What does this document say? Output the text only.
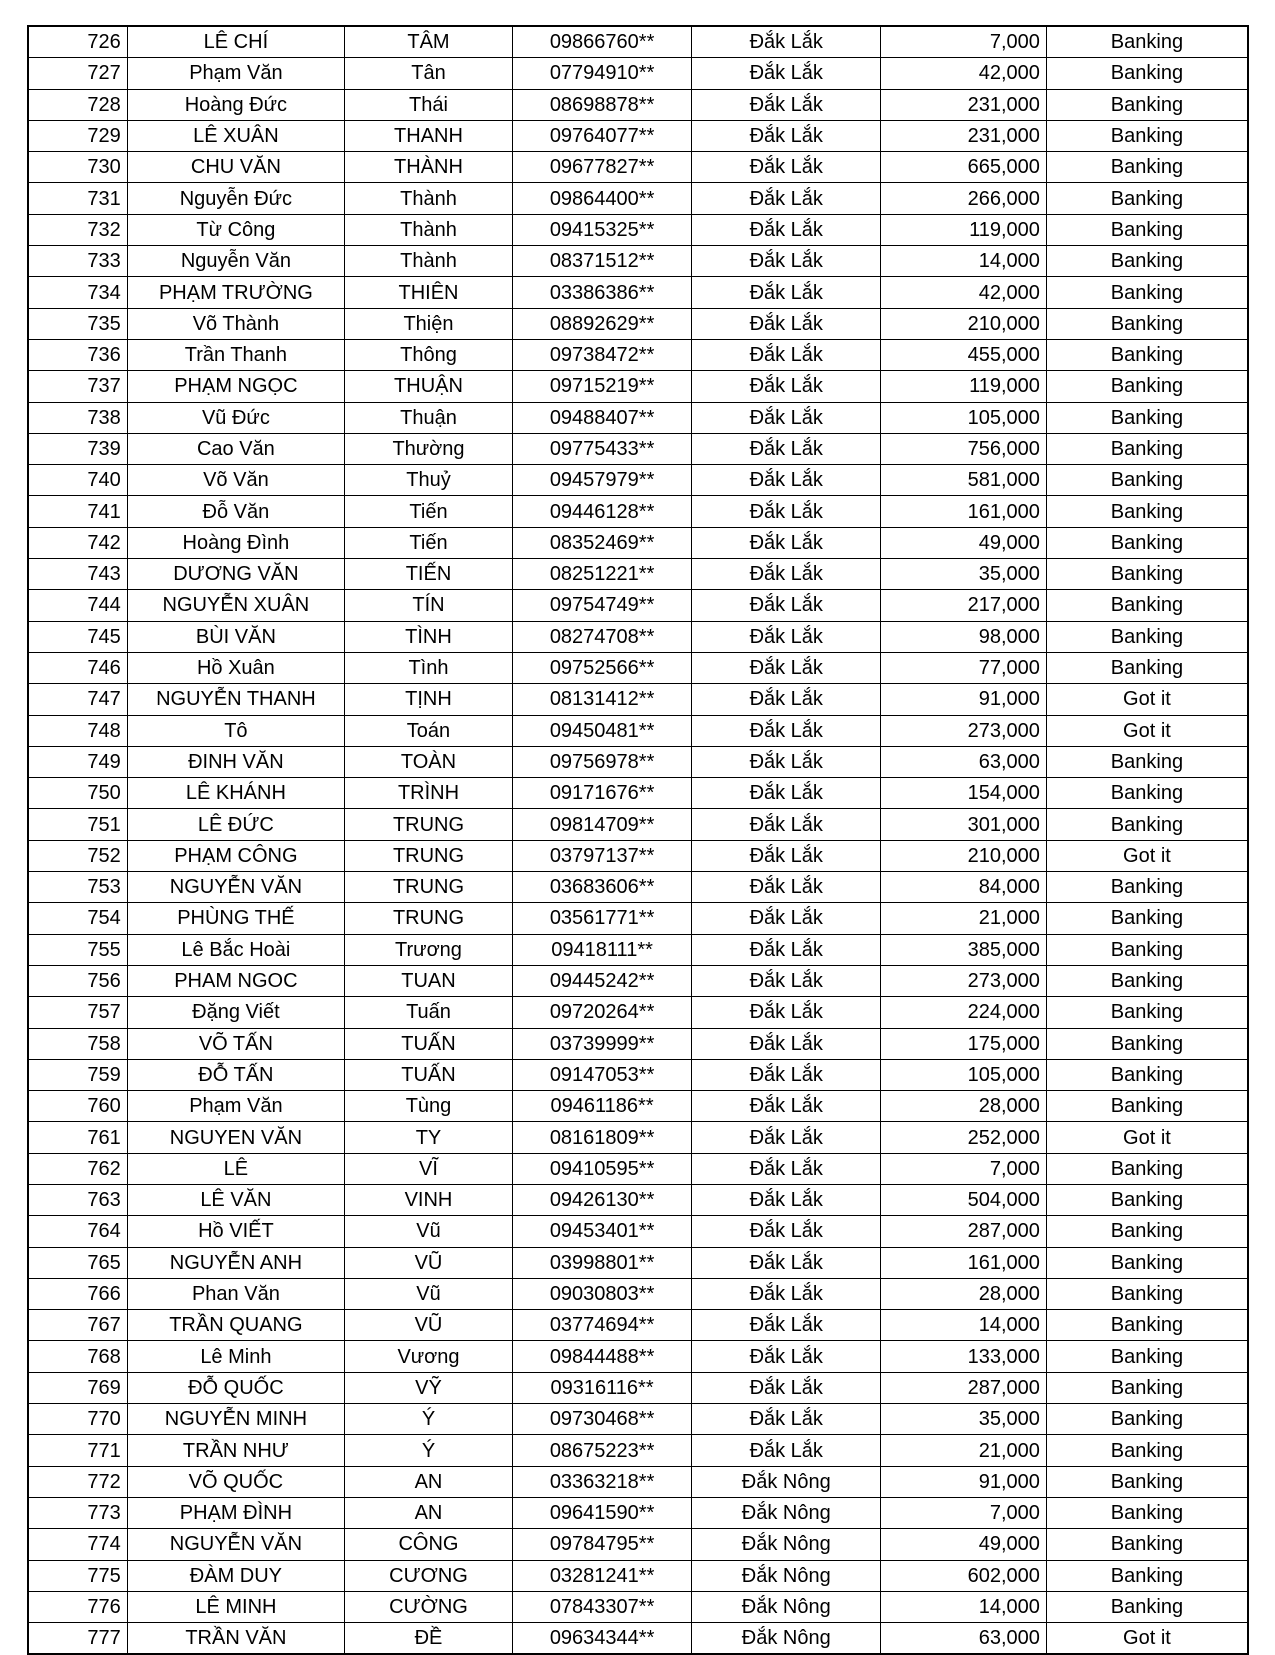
726	LÊ CHÍ	TÂM	09866760**	Đắk Lắk	7,000	Banking
727	Phạm Văn	Tân	07794910**	Đắk Lắk	42,000	Banking
728	Hoàng Đức	Thái	08698878**	Đắk Lắk	231,000	Banking
729	LÊ XUÂN	THANH	09764077**	Đắk Lắk	231,000	Banking
730	CHU VĂN	THÀNH	09677827**	Đắk Lắk	665,000	Banking
731	Nguyễn Đức	Thành	09864400**	Đắk Lắk	266,000	Banking
732	Từ Công	Thành	09415325**	Đắk Lắk	119,000	Banking
733	Nguyễn Văn	Thành	08371512**	Đắk Lắk	14,000	Banking
734	PHẠM TRƯỜNG	THIÊN	03386386**	Đắk Lắk	42,000	Banking
735	Võ Thành	Thiện	08892629**	Đắk Lắk	210,000	Banking
736	Trần Thanh	Thông	09738472**	Đắk Lắk	455,000	Banking
737	PHẠM NGỌC	THUẬN	09715219**	Đắk Lắk	119,000	Banking
738	Vũ Đức	Thuận	09488407**	Đắk Lắk	105,000	Banking
739	Cao Văn	Thường	09775433**	Đắk Lắk	756,000	Banking
740	Võ Văn	Thuỷ	09457979**	Đắk Lắk	581,000	Banking
741	Đỗ Văn	Tiến	09446128**	Đắk Lắk	161,000	Banking
742	Hoàng Đình	Tiến	08352469**	Đắk Lắk	49,000	Banking
743	DƯƠNG VĂN	TIẾN	08251221**	Đắk Lắk	35,000	Banking
744	NGUYỄN XUÂN	TÍN	09754749**	Đắk Lắk	217,000	Banking
745	BÙI VĂN	TÌNH	08274708**	Đắk Lắk	98,000	Banking
746	Hồ Xuân	Tình	09752566**	Đắk Lắk	77,000	Banking
747	NGUYỄN THANH	TỊNH	08131412**	Đắk Lắk	91,000	Got it
748	Tô	Toán	09450481**	Đắk Lắk	273,000	Got it
749	ĐINH VĂN	TOÀN	09756978**	Đắk Lắk	63,000	Banking
750	LÊ KHÁNH	TRÌNH	09171676**	Đắk Lắk	154,000	Banking
751	LÊ ĐỨC	TRUNG	09814709**	Đắk Lắk	301,000	Banking
752	PHẠM CÔNG	TRUNG	03797137**	Đắk Lắk	210,000	Got it
753	NGUYỄN VĂN	TRUNG	03683606**	Đắk Lắk	84,000	Banking
754	PHÙNG THẾ	TRUNG	03561771**	Đắk Lắk	21,000	Banking
755	Lê Bắc Hoài	Trương	09418111**	Đắk Lắk	385,000	Banking
756	PHAM NGOC	TUAN	09445242**	Đắk Lắk	273,000	Banking
757	Đặng Viết	Tuấn	09720264**	Đắk Lắk	224,000	Banking
758	VÕ TẤN	TUẤN	03739999**	Đắk Lắk	175,000	Banking
759	ĐỖ TẤN	TUẤN	09147053**	Đắk Lắk	105,000	Banking
760	Phạm Văn	Tùng	09461186**	Đắk Lắk	28,000	Banking
761	NGUYEN VĂN	TY	08161809**	Đắk Lắk	252,000	Got it
762	LÊ	VĨ	09410595**	Đắk Lắk	7,000	Banking
763	LÊ VĂN	VINH	09426130**	Đắk Lắk	504,000	Banking
764	Hồ VIẾT	Vũ	09453401**	Đắk Lắk	287,000	Banking
765	NGUYỄN ANH	VŨ	03998801**	Đắk Lắk	161,000	Banking
766	Phan Văn	Vũ	09030803**	Đắk Lắk	28,000	Banking
767	TRẦN QUANG	VŨ	03774694**	Đắk Lắk	14,000	Banking
768	Lê Minh	Vương	09844488**	Đắk Lắk	133,000	Banking
769	ĐỖ QUỐC	VỸ	09316116**	Đắk Lắk	287,000	Banking
770	NGUYỄN MINH	Ý	09730468**	Đắk Lắk	35,000	Banking
771	TRẦN NHƯ	Ý	08675223**	Đắk Lắk	21,000	Banking
772	VÕ QUỐC	AN	03363218**	Đắk Nông	91,000	Banking
773	PHẠM ĐÌNH	AN	09641590**	Đắk Nông	7,000	Banking
774	NGUYỄN VĂN	CÔNG	09784795**	Đắk Nông	49,000	Banking
775	ĐÀM DUY	CƯƠNG	03281241**	Đắk Nông	602,000	Banking
776	LÊ MINH	CƯỜNG	07843307**	Đắk Nông	14,000	Banking
777	TRẦN VĂN	ĐỀ	09634344**	Đắk Nông	63,000	Got it
